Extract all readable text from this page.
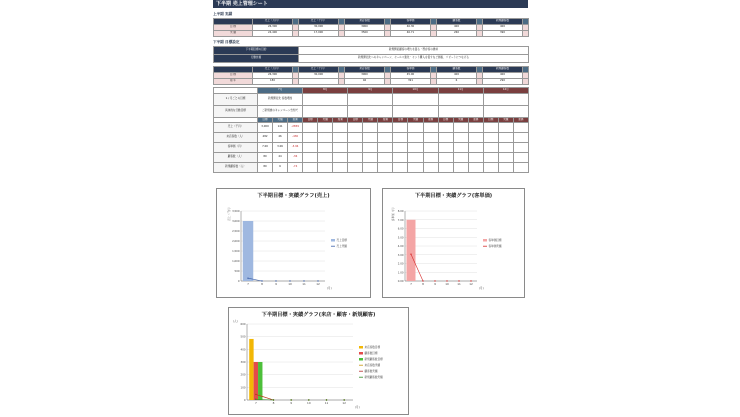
下半期 売上管理シート
上半期 実績
	売上（万円）		売上（千円）		来店客数		客単価		顧客数		新規顧客数	
目 標	26,300		30,000		3900		46.30		400		400	
実 績	24,400		17,000		3500		46.71		260		390	
下半期 目標設定
下半期目標の目的	新規開拓顧客の増大を図る・既存客の維持
行動計画	新規開拓先へのキャンペーン、セールス強化・セット購入を促すなど価格、リピートにつなげる
	売上（万円）		売上（千円）		来店客数		客単価		顧客数		新規顧客数	
目 標	26,300		30,000		3900		45.00		400		400	
前 年	180				46		391		6		290	
	7月			8月			9月			10月			11月			12月		
1ヶ月ごとの目標	新規開拓先 客数増加																	
具体的な行動目標	ご新規様のキャンペーン告知で																	
	目標	実績	差異	目標	実績	差異	目標	実績	差異	目標	実績	差異	目標	実績	差異	目標	実績	差異
売上（千円）	3,000	141	-2859															
来店客数（人）	482	46	-436															
客単価（円）	7.00	3.06	-3.94															
顧客数（人）	80	44	-36															
新規顧客数（人）	80	6	-74															
下半期目標・実績グラフ(売上)
0
500
1,000
1,500
2,000
2,500
3,000
3,500
7	8	9	10	11	12
(月)
売上（千円）
売上目標
売上実績
下半期目標・実績グラフ(客単価)
0.00
1.00
2.00
3.00
4.00
5.00
6.00
7.00
8.00
7	8	9	10	11	12
(月)
客単価（円）
客単価目標
客単価実績
下半期目標・実績グラフ(来店・顧客・新規顧客)
0
100
200
300
400
500
600
7	8	9	10	11	12
(月)
(人)
来店客数目標
顧客数目標
新規顧客数目標
来店客数実績
顧客数実績
新規顧客数実績
